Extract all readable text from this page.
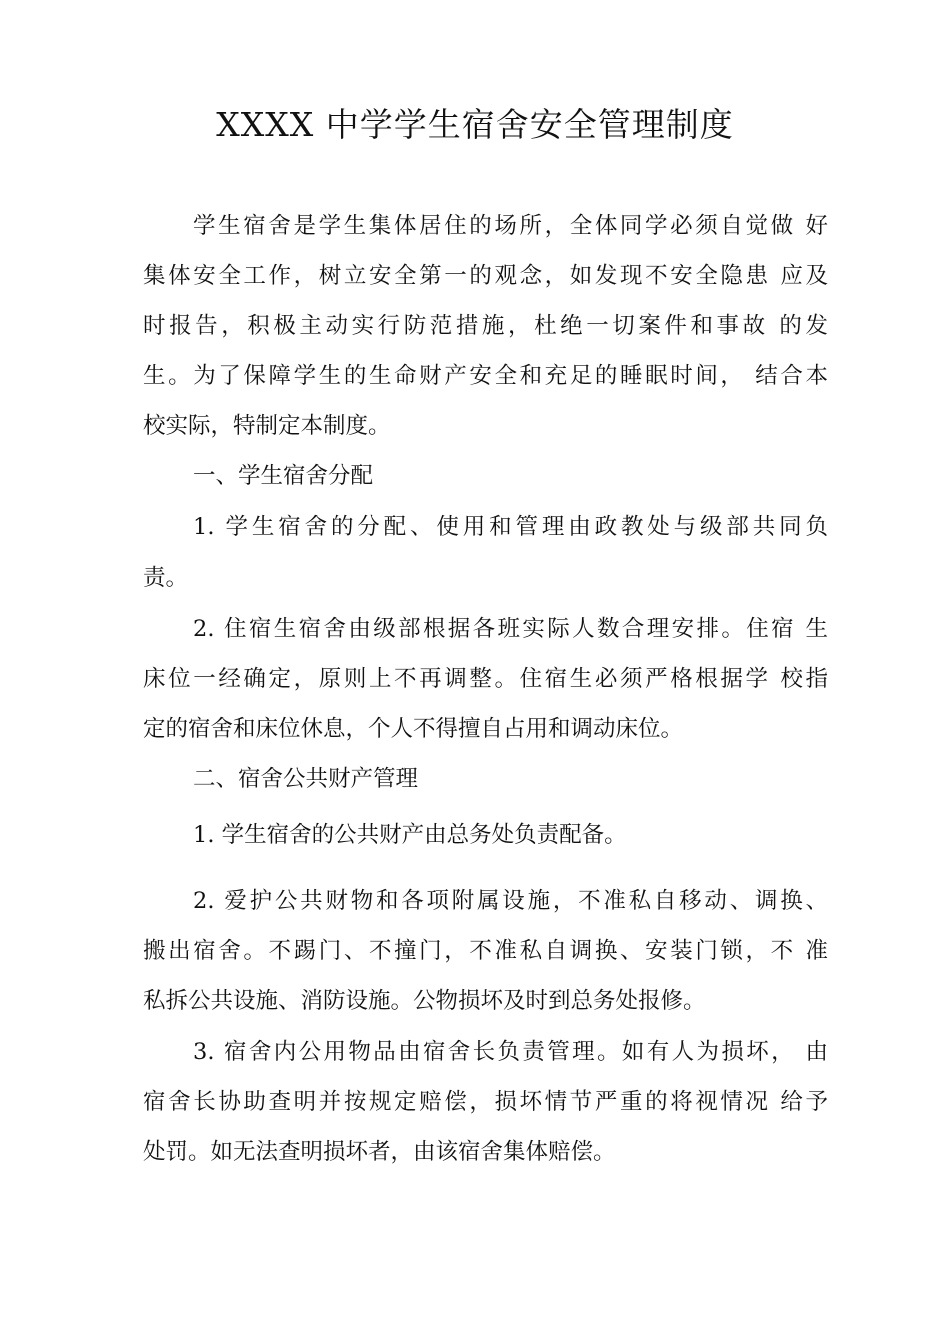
XXXX 中学学生宿舍安全管理制度
学生宿舍是学生集体居住的场所，全体同学必须自觉做 好
集体安全工作，树立安全第一的观念，如发现不安全隐患 应及
时报告，积极主动实行防范措施，杜绝一切案件和事故 的发
生。为了保障学生的生命财产安全和充足的睡眠时间， 结合本
校实际，特制定本制度。
一、学生宿舍分配
1. 学生宿舍的分配、使用和管理由政教处与级部共同负
责。
2. 住宿生宿舍由级部根据各班实际人数合理安排。住宿 生
床位一经确定，原则上不再调整。住宿生必须严格根据学 校指
定的宿舍和床位休息，个人不得擅自占用和调动床位。
二、宿舍公共财产管理
1. 学生宿舍的公共财产由总务处负责配备。
2. 爱护公共财物和各项附属设施，不准私自移动、调换、
搬出宿舍。不踢门、不撞门，不准私自调换、安装门锁，不 准
私拆公共设施、消防设施。公物损坏及时到总务处报修。
3. 宿舍内公用物品由宿舍长负责管理。如有人为损坏， 由
宿舍长协助查明并按规定赔偿，损坏情节严重的将视情况 给予
处罚。如无法查明损坏者，由该宿舍集体赔偿。
